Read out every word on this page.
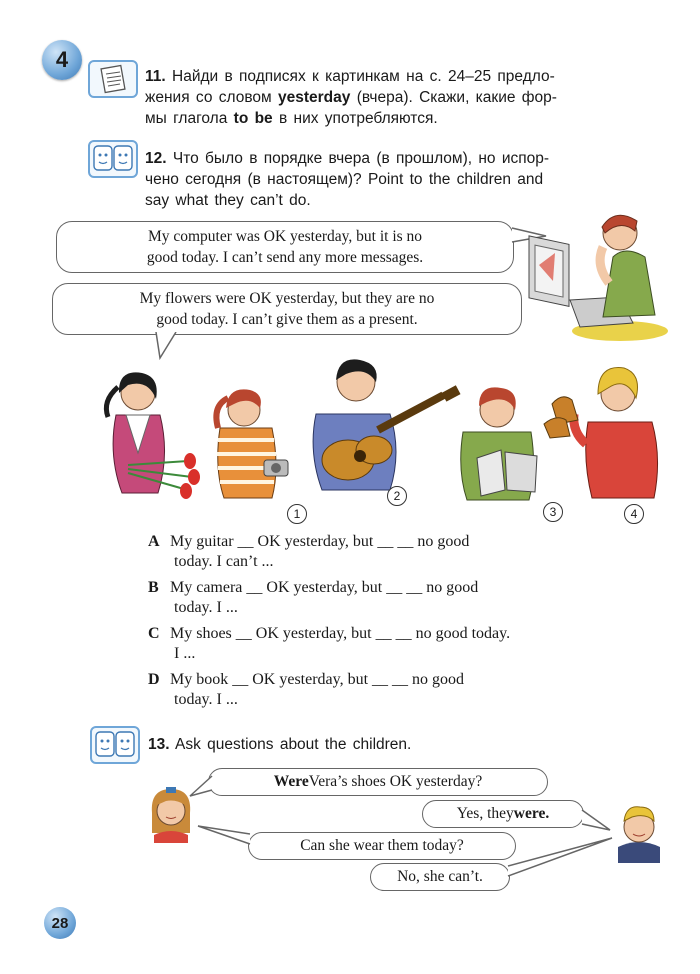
4
11. Найди в подписях к картинкам на с. 24–25 предло-
жения со словом yesterday (вчера). Скажи, какие фор-
мы глагола to be в них употребляются.
12. Что было в порядке вчера (в прошлом), но испор-
чено сегодня (в настоящем)? Point to the children and
say what they can’t do.
My computer was OK yesterday, but it is no
good today. I can’t send any more messages.
My flowers were OK yesterday, but they are no
good today. I can’t give them as a present.
1
2
3	4
A My guitar __ OK yesterday, but __ __ no good
today. I can’t ...
B My camera __ OK yesterday, but __ __ no good
today. I ...
C My shoes __ OK yesterday, but __ __ no good today.
I ...
D My book __ OK yesterday, but __ __ no good
today. I ...
13. Ask questions about the children.
Were Vera’s shoes OK yesterday?
Yes, they were.
Can she wear them today?
No, she can’t.
28
